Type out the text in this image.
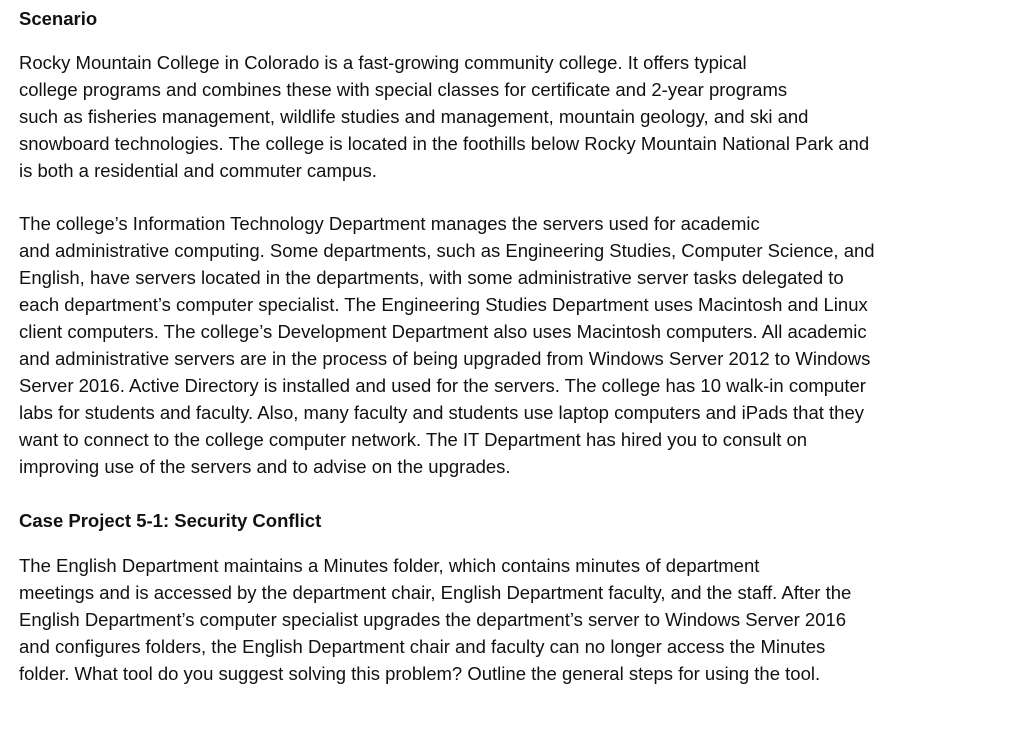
Scenario

Rocky Mountain College in Colorado is a fast-growing community college. It offers typical
college programs and combines these with special classes for certificate and 2-year programs
such as fisheries management, wildlife studies and management, mountain geology, and ski and
snowboard technologies. The college is located in the foothills below Rocky Mountain National Park and
is both a residential and commuter campus.

The college’s Information Technology Department manages the servers used for academic
and administrative computing. Some departments, such as Engineering Studies, Computer Science, and
English, have servers located in the departments, with some administrative server tasks delegated to
each department’s computer specialist. The Engineering Studies Department uses Macintosh and Linux
client computers. The college’s Development Department also uses Macintosh computers. All academic
and administrative servers are in the process of being upgraded from Windows Server 2012 to Windows
Server 2016. Active Directory is installed and used for the servers. The college has 10 walk-in computer
labs for students and faculty. Also, many faculty and students use laptop computers and iPads that they
want to connect to the college computer network. The IT Department has hired you to consult on
improving use of the servers and to advise on the upgrades.

Case Project 5-1: Security Conflict

The English Department maintains a Minutes folder, which contains minutes of department
meetings and is accessed by the department chair, English Department faculty, and the staff. After the
English Department’s computer specialist upgrades the department’s server to Windows Server 2016
and configures folders, the English Department chair and faculty can no longer access the Minutes
folder. What tool do you suggest solving this problem? Outline the general steps for using the tool.
